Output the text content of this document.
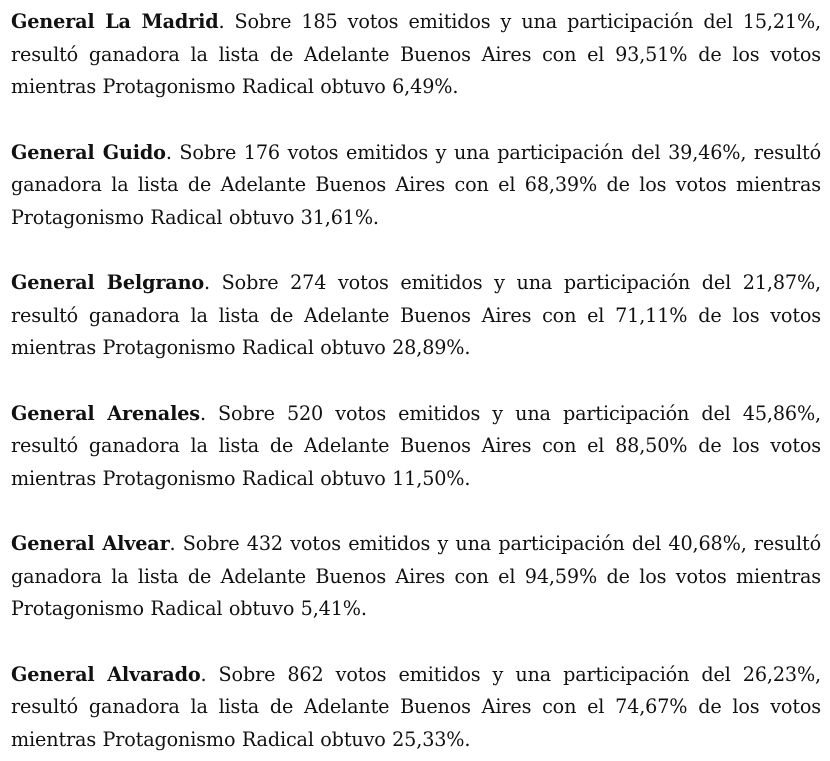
General La Madrid. Sobre 185 votos emitidos y una participación del 15,21%, resultó ganadora la lista de Adelante Buenos Aires con el 93,51% de los votos mientras Protagonismo Radical obtuvo 6,49%.

General Guido. Sobre 176 votos emitidos y una participación del 39,46%, resultó ganadora la lista de Adelante Buenos Aires con el 68,39% de los votos mientras Protagonismo Radical obtuvo 31,61%.

General Belgrano. Sobre 274 votos emitidos y una participación del 21,87%, resultó ganadora la lista de Adelante Buenos Aires con el 71,11% de los votos mientras Protagonismo Radical obtuvo 28,89%.

General Arenales. Sobre 520 votos emitidos y una participación del 45,86%, resultó ganadora la lista de Adelante Buenos Aires con el 88,50% de los votos mientras Protagonismo Radical obtuvo 11,50%.

General Alvear. Sobre 432 votos emitidos y una participación del 40,68%, resultó ganadora la lista de Adelante Buenos Aires con el 94,59% de los votos mientras Protagonismo Radical obtuvo 5,41%.

General Alvarado. Sobre 862 votos emitidos y una participación del 26,23%, resultó ganadora la lista de Adelante Buenos Aires con el 74,67% de los votos mientras Protagonismo Radical obtuvo 25,33%.
